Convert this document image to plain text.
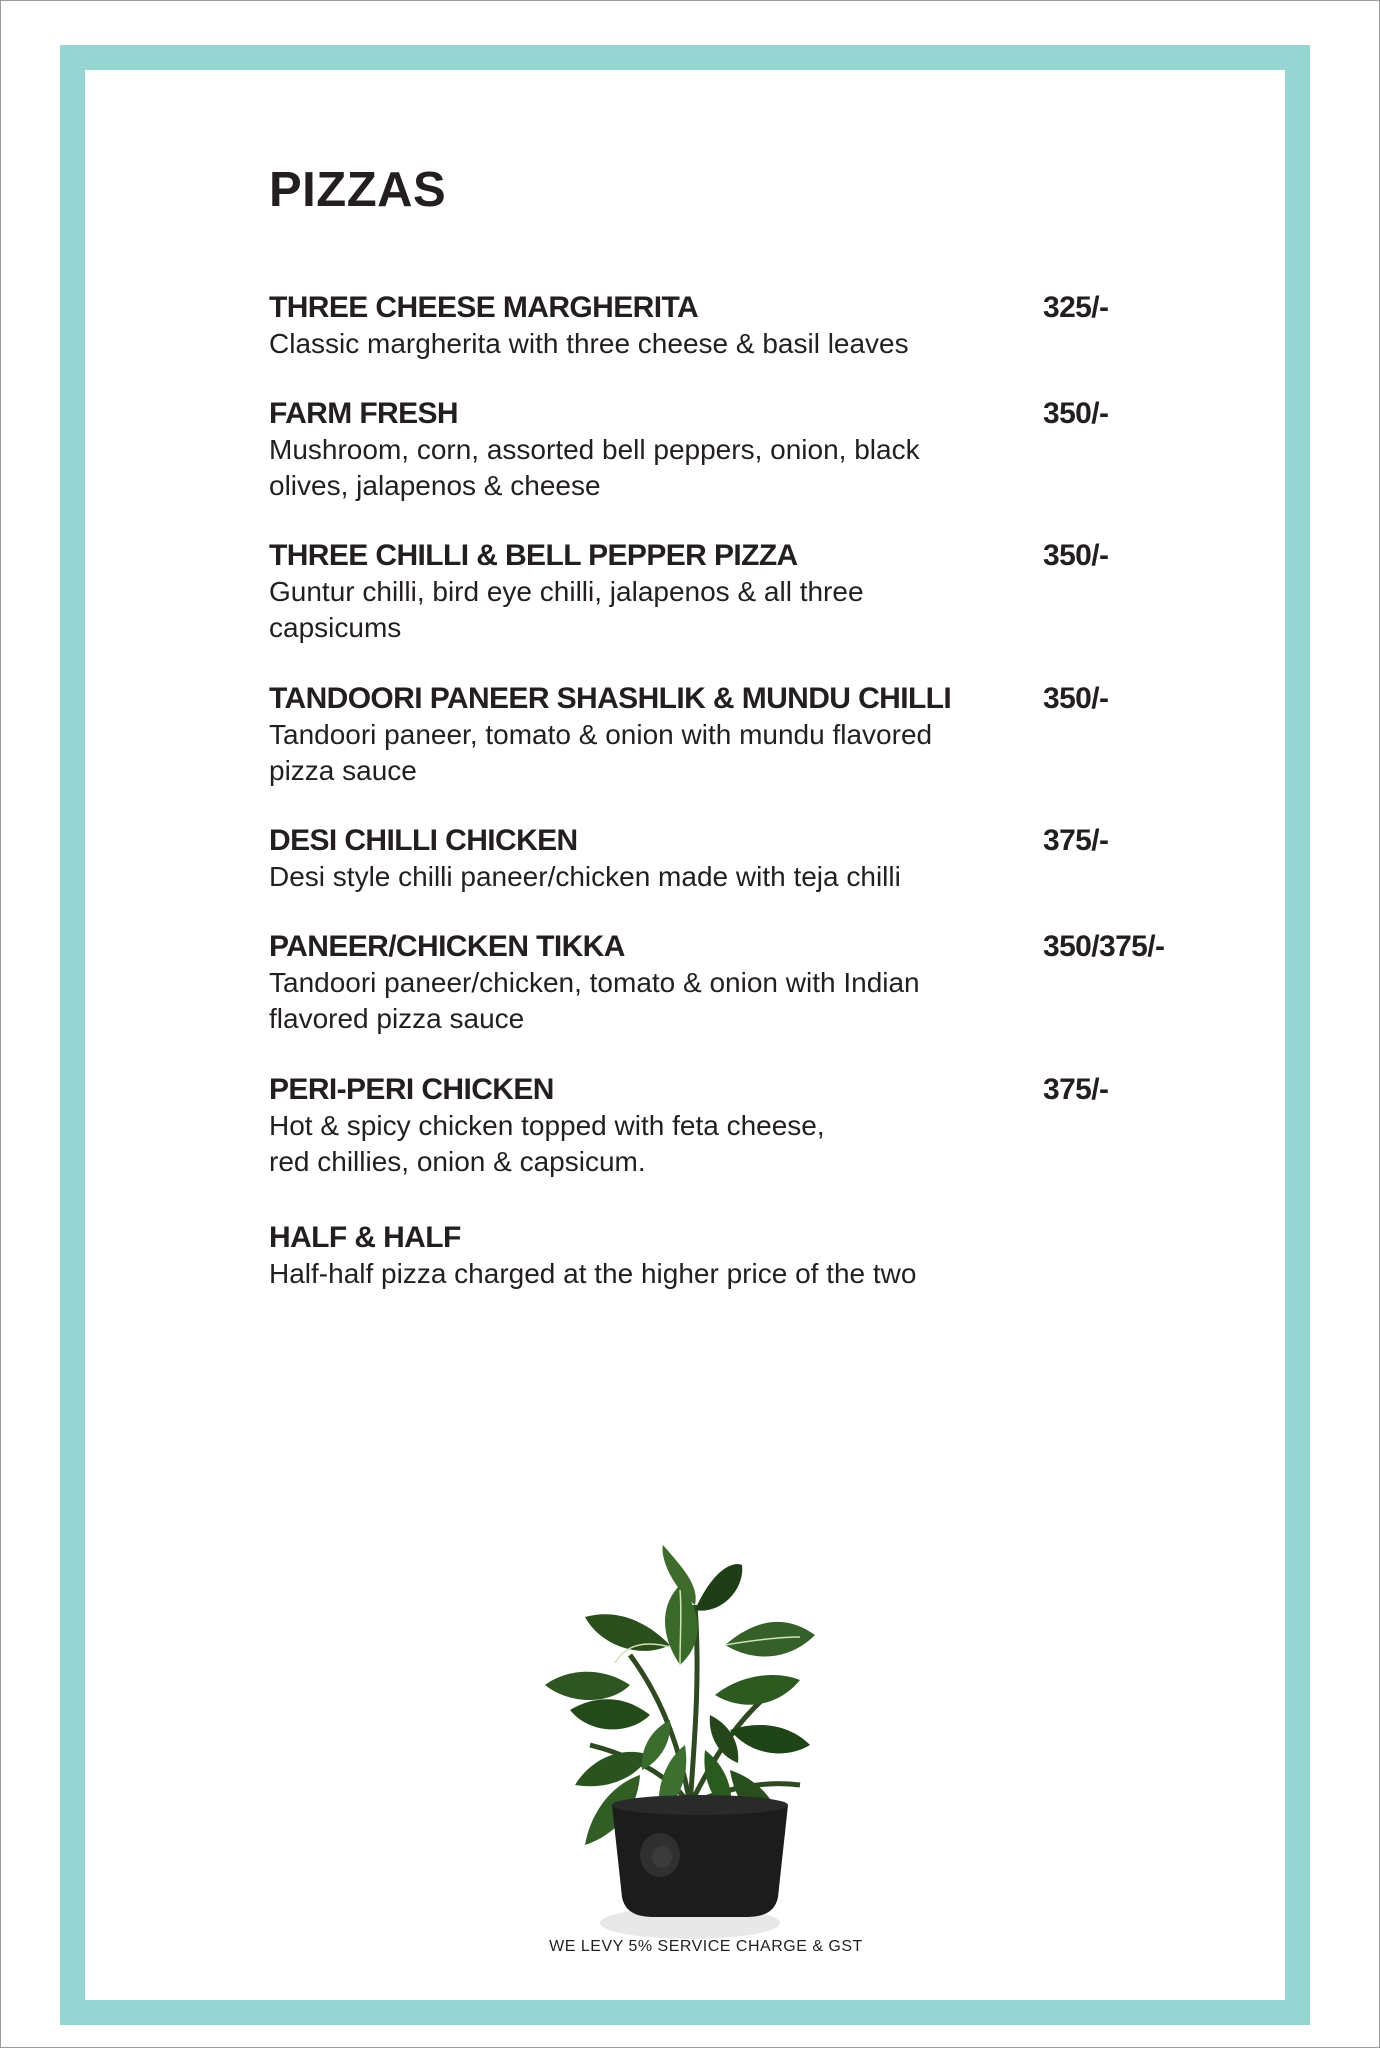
PIZZAS
THREE CHEESE MARGHERITA	325/-
Classic margherita with three cheese & basil leaves
FARM FRESH	350/-
Mushroom, corn, assorted bell peppers, onion, black
olives, jalapenos & cheese
THREE CHILLI & BELL PEPPER PIZZA	350/-
Guntur chilli, bird eye chilli, jalapenos & all three
capsicums
TANDOORI PANEER SHASHLIK & MUNDU CHILLI	350/-
Tandoori paneer, tomato & onion with mundu flavored
pizza sauce
DESI CHILLI CHICKEN	375/-
Desi style chilli paneer/chicken made with teja chilli
PANEER/CHICKEN TIKKA	350/375/-
Tandoori paneer/chicken, tomato & onion with Indian
flavored pizza sauce
PERI-PERI CHICKEN	375/-
Hot & spicy chicken topped with feta cheese,
red chillies, onion & capsicum.
HALF & HALF
Half-half pizza charged at the higher price of the two
WE LEVY 5% SERVICE CHARGE & GST
